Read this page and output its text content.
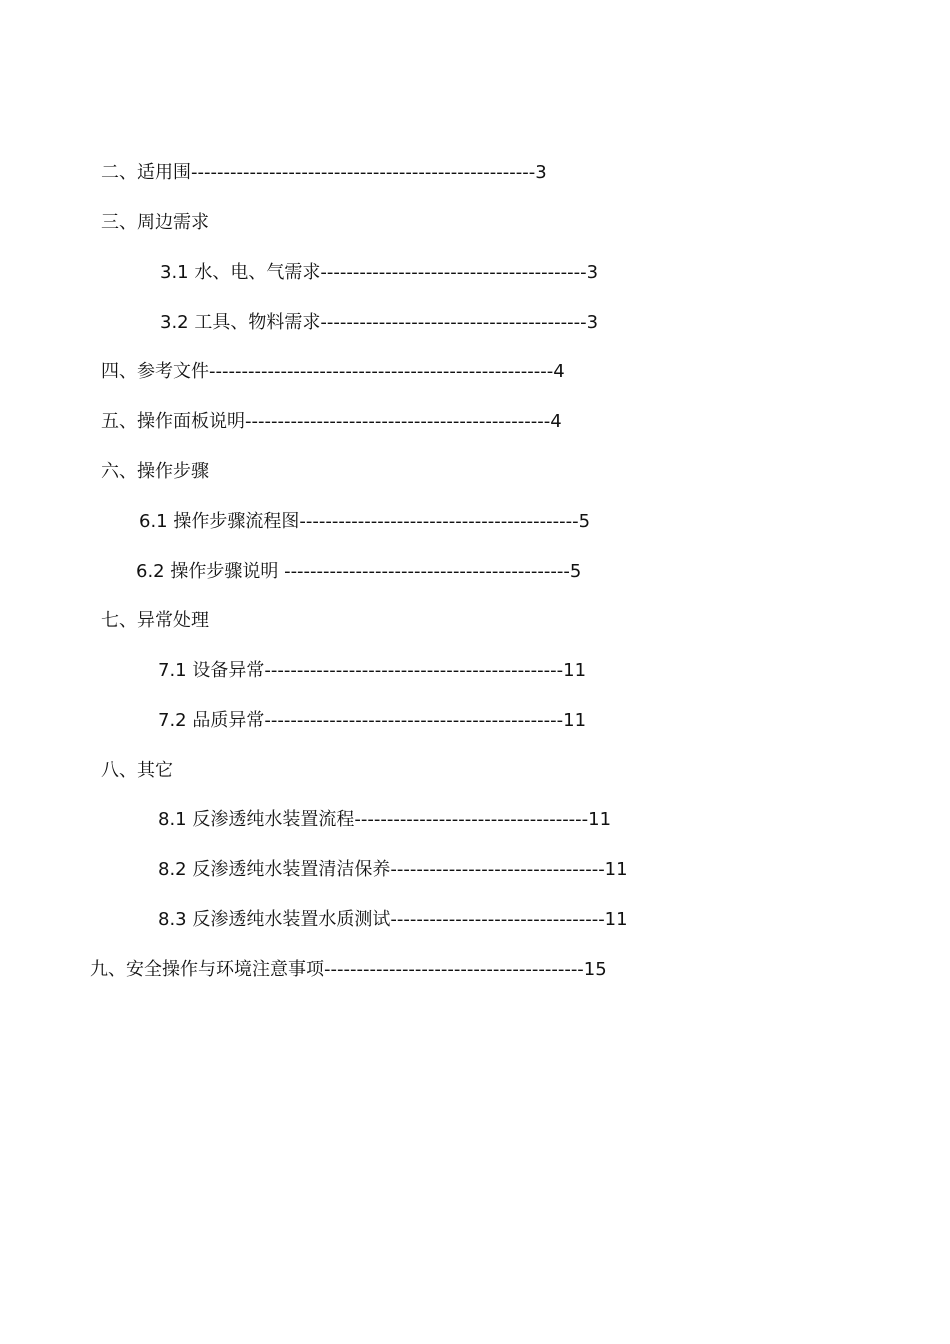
二、适用围-----------------------------------------------------3
三、周边需求
3.1 水、电、气需求-----------------------------------------3
3.2 工具、物料需求-----------------------------------------3
四、参考文件-----------------------------------------------------4
五、操作面板说明-----------------------------------------------4
六、操作步骤
6.1 操作步骤流程图-------------------------------------------5
6.2 操作步骤说明 --------------------------------------------5
七、异常处理
7.1 设备异常----------------------------------------------11
7.2 品质异常----------------------------------------------11
八、其它
8.1 反渗透纯水装置流程------------------------------------11
8.2 反渗透纯水装置清洁保养---------------------------------11
8.3 反渗透纯水装置水质测试---------------------------------11
九、安全操作与环境注意事项----------------------------------------15
